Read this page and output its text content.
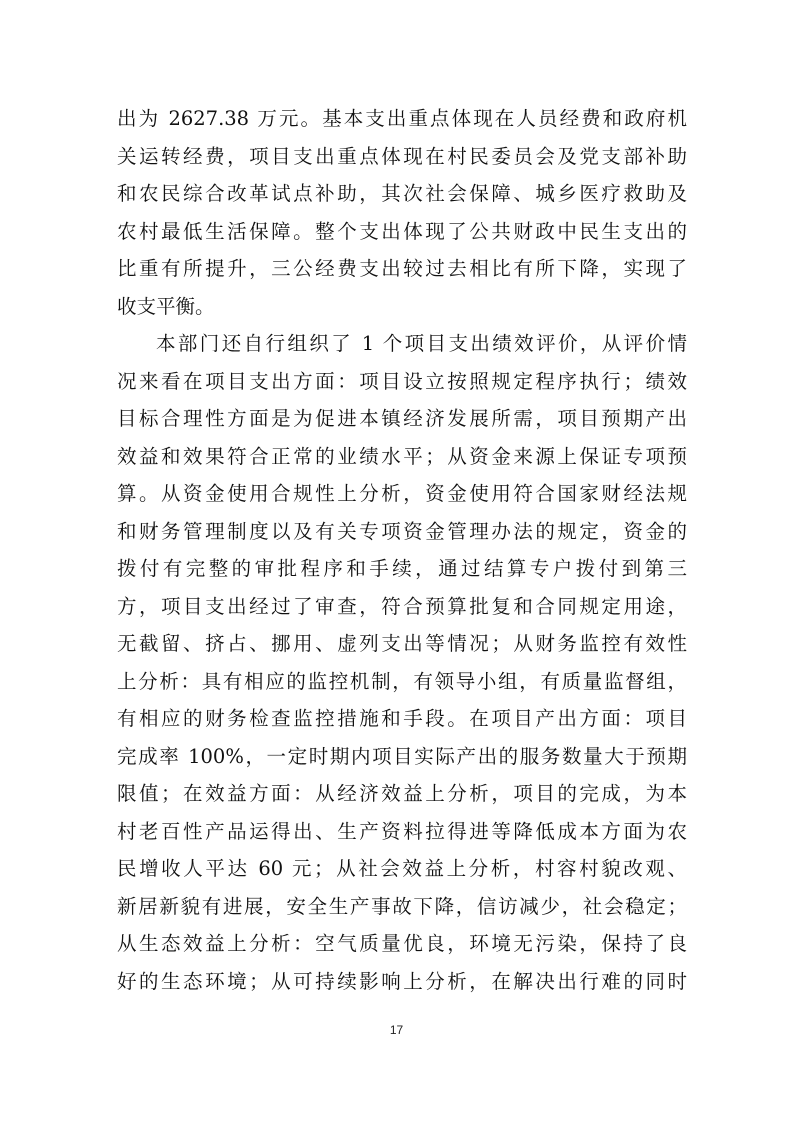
出为 2627.38 万元。基本支出重点体现在人员经费和政府机
关运转经费，项目支出重点体现在村民委员会及党支部补助
和农民综合改革试点补助，其次社会保障、城乡医疗救助及
农村最低生活保障。整个支出体现了公共财政中民生支出的
比重有所提升，三公经费支出较过去相比有所下降，实现了
收支平衡。
本部门还自行组织了 1 个项目支出绩效评价，从评价情
况来看在项目支出方面：项目设立按照规定程序执行；绩效
目标合理性方面是为促进本镇经济发展所需，项目预期产出
效益和效果符合正常的业绩水平；从资金来源上保证专项预
算。从资金使用合规性上分析，资金使用符合国家财经法规
和财务管理制度以及有关专项资金管理办法的规定，资金的
拨付有完整的审批程序和手续，通过结算专户拨付到第三
方，项目支出经过了审查，符合预算批复和合同规定用途，
无截留、挤占、挪用、虚列支出等情况；从财务监控有效性
上分析：具有相应的监控机制，有领导小组，有质量监督组，
有相应的财务检查监控措施和手段。在项目产出方面：项目
完成率 100%，一定时期内项目实际产出的服务数量大于预期
限值；在效益方面：从经济效益上分析，项目的完成，为本
村老百性产品运得出、生产资料拉得进等降低成本方面为农
民增收人平达 60 元；从社会效益上分析，村容村貌改观、
新居新貌有进展，安全生产事故下降，信访减少，社会稳定；
从生态效益上分析：空气质量优良，环境无污染，保持了良
好的生态环境；从可持续影响上分析，在解决出行难的同时
17
